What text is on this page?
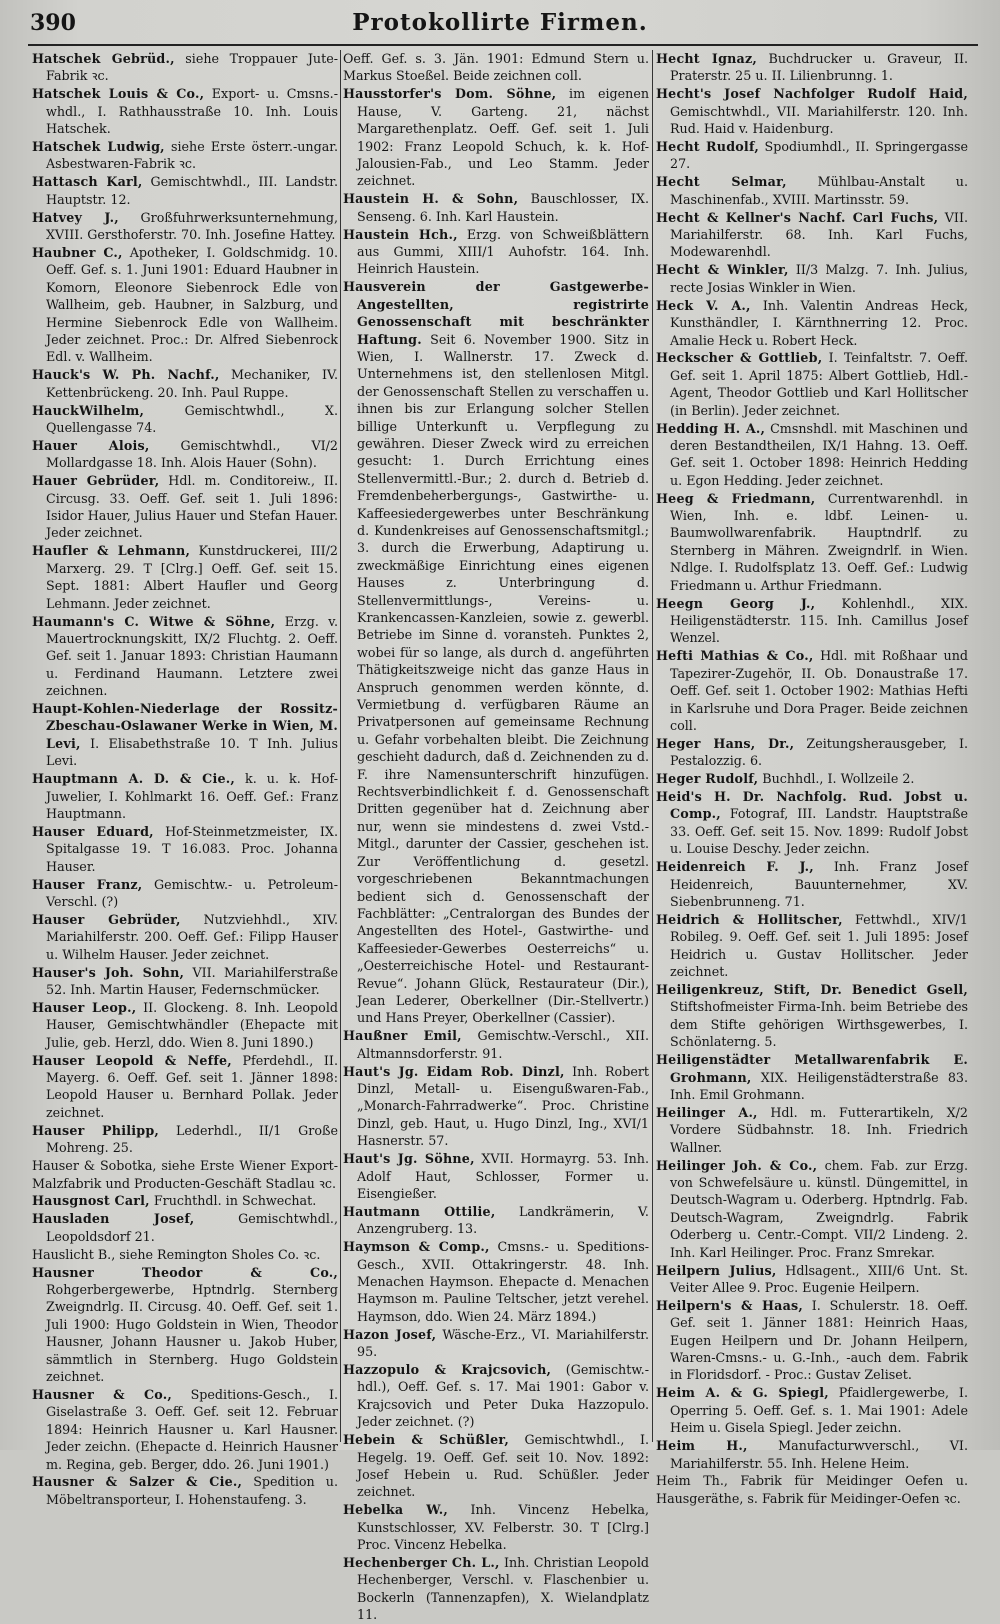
390	Protokollirte Firmen.
Hatschek Gebrüd., siehe Troppauer Jute-Fabrik ꝛc.
Hatschek Louis & Co., Export- u. Cmsns.-whdl., I. Rathhausstraße 10. Inh. Louis Hatschek.
Hatschek Ludwig, siehe Erste österr.-ungar. Asbestwaren-Fabrik ꝛc.
Hattasch Karl, Gemischtwhdl., III. Landstr. Hauptstr. 12.
Hatvey J., Großfuhrwerksunternehmung, XVIII. Gersthoferstr. 70. Inh. Josefine Hattey.
Haubner C., Apotheker, I. Goldschmidg. 10. Oeff. Gef. s. 1. Juni 1901: Eduard Haubner in Komorn, Eleonore Siebenrock Edle von Wallheim, geb. Haubner, in Salzburg, und Hermine Siebenrock Edle von Wallheim. Jeder zeichnet. Proc.: Dr. Alfred Siebenrock Edl. v. Wallheim.
Hauck's W. Ph. Nachf., Mechaniker, IV. Kettenbrückeng. 20. Inh. Paul Ruppe.
HauckWilhelm,	Gemischtwhdl., X. Quellengasse 74.
Hauer Alois, Gemischtwhdl., VI/2 Mollardgasse 18. Inh. Alois Hauer (Sohn).
Hauer Gebrüder, Hdl. m. Conditoreiw., II. Circusg. 33. Oeff. Gef. seit 1. Juli 1896: Isidor Hauer, Julius Hauer und Stefan Hauer. Jeder zeichnet.
Haufler & Lehmann, Kunstdruckerei, III/2 Marxerg. 29. T [Clrg.] Oeff. Gef. seit 15. Sept. 1881: Albert Haufler und Georg Lehmann. Jeder zeichnet.
Haumann's C. Witwe & Söhne, Erzg. v. Mauertrocknungskitt, IX/2 Fluchtg. 2. Oeff. Gef. seit 1. Januar 1893: Christian Haumann u. Ferdinand Haumann. Letztere zwei zeichnen.
Haupt-Kohlen-Niederlage der Rossitz-Zbeschau-Oslawaner Werke in Wien, M. Levi, I. Elisabethstraße 10. T Inh. Julius Levi.
Hauptmann A. D. & Cie., k. u. k. Hof-Juwelier, I. Kohlmarkt 16. Oeff. Gef.: Franz Hauptmann.
Hauser Eduard, Hof-Steinmetzmeister, IX. Spitalgasse 19. T 16.083. Proc. Johanna Hauser.
Hauser Franz, Gemischtw.- u. Petroleum-Verschl. (?)
Hauser Gebrüder, Nutzviehhdl., XIV. Mariahilferstr. 200. Oeff. Gef.: Filipp Hauser u. Wilhelm Hauser. Jeder zeichnet.
Hauser's Joh. Sohn, VII. Mariahilferstraße 52. Inh. Martin Hauser, Federnschmücker.
Hauser Leop., II. Glockeng. 8. Inh. Leopold Hauser, Gemischtwhändler (Ehepacte mit Julie, geb. Herzl, ddo. Wien 8. Juni 1890.)
Hauser Leopold & Neffe, Pferdehdl., II. Mayerg. 6. Oeff. Gef. seit 1. Jänner 1898: Leopold Hauser u. Bernhard Pollak. Jeder zeichnet.
Hauser Philipp, Lederhdl., II/1 Große Mohreng. 25.
Hauser & Sobotka, siehe Erste Wiener Export-Malzfabrik und Producten-Geschäft Stadlau ꝛc.
Hausgnost Carl, Fruchthdl. in Schwechat.
Hausladen Josef,	Gemischtwhdl., Leopoldsdorf 21.
Hauslicht B., siehe Remington Sholes Co. ꝛc.
Hausner Theodor & Co., Rohgerbergewerbe, Hptndrlg. Sternberg Zweigndrlg. II. Circusg. 40. Oeff. Gef. seit 1. Juli 1900: Hugo Goldstein in Wien, Theodor Hausner, Johann Hausner u. Jakob Huber, sämmtlich in Sternberg. Hugo Goldstein zeichnet.
Hausner & Co., Speditions-Gesch., I. Giselastraße 3. Oeff. Gef. seit 12. Februar 1894: Heinrich Hausner u. Karl Hausner. Jeder zeichn. (Ehepacte d. Heinrich Hausner m. Regina, geb. Berger, ddo. 26. Juni 1901.)
Hausner & Salzer & Cie., Spedition u. Möbeltransporteur, I. Hohenstaufeng. 3.
Oeff. Gef. s. 3. Jän. 1901: Edmund Stern u. Markus Stoeßel. Beide zeichnen coll.
Hausstorfer's Dom. Söhne, im eigenen Hause, V. Garteng. 21, nächst Margarethenplatz. Oeff. Gef. seit 1. Juli 1902: Franz Leopold Schuch, k. k. Hof-Jalousien-Fab., und Leo Stamm. Jeder zeichnet.
Haustein H. & Sohn, Bauschlosser, IX. Senseng. 6. Inh. Karl Haustein.
Haustein Hch., Erzg. von Schweißblättern aus Gummi, XIII/1 Auhofstr. 164. Inh. Heinrich Haustein.
Hausverein der Gastgewerbe-Angestellten, registrirte Genossenschaft mit beschränkter Haftung. Seit 6. November 1900. Sitz in Wien, I. Wallnerstr. 17. Zweck d. Unternehmens ist, den stellenlosen Mitgl. der Genossenschaft Stellen zu verschaffen u. ihnen bis zur Erlangung solcher Stellen billige Unterkunft u. Verpflegung zu gewähren. Dieser Zweck wird zu erreichen gesucht: 1. Durch Errichtung eines Stellenvermittl.-Bur.; 2. durch d. Betrieb d. Fremdenbeherbergungs-, Gastwirthe- u. Kaffeesiedergewerbes unter Beschränkung d. Kundenkreises auf Genossenschaftsmitgl.; 3. durch die Erwerbung, Adaptirung u. zweckmäßige Einrichtung eines eigenen Hauses z. Unterbringung d. Stellenvermittlungs-, Vereins- u. Krankencassen-Kanzleien, sowie z. gewerbl. Betriebe im Sinne d. voransteh. Punktes 2, wobei für so lange, als durch d. angeführten Thätigkeitszweige nicht das ganze Haus in Anspruch genommen werden könnte, d. Vermietbung d. verfügbaren Räume an Privatpersonen auf gemeinsame Rechnung u. Gefahr vorbehalten bleibt. Die Zeichnung geschieht dadurch, daß d. Zeichnenden zu d. F. ihre Namensunterschrift hinzufügen. Rechtsverbindlichkeit f. d. Genossenschaft Dritten gegenüber hat d. Zeichnung aber nur, wenn sie mindestens d. zwei Vstd.-Mitgl., darunter der Cassier, geschehen ist. Zur Veröffentlichung d. gesetzl. vorgeschriebenen Bekanntmachungen bedient sich d. Genossenschaft der Fachblätter: „Centralorgan des Bundes der Angestellten des Hotel-, Gastwirthe- und Kaffeesieder-Gewerbes Oesterreichs“ u. „Oesterreichische Hotel- und Restaurant-Revue“. Johann Glück, Restaurateur (Dir.), Jean Lederer, Oberkellner (Dir.-Stellvertr.) und Hans Preyer, Oberkellner (Cassier).
Haußner Emil, Gemischtw.-Verschl., XII. Altmannsdorferstr. 91.
Haut's Jg. Eidam Rob. Dinzl, Inh. Robert Dinzl, Metall- u. Eisengußwaren-Fab., „Monarch-Fahrradwerke“. Proc. Christine Dinzl, geb. Haut, u. Hugo Dinzl, Ing., XVI/1 Hasnerstr. 57.
Haut's Jg. Söhne, XVII. Hormayrg. 53. Inh. Adolf Haut, Schlosser, Former u. Eisengießer.
Hautmann Ottilie, Landkrämerin, V. Anzengruberg. 13.
Haymson & Comp., Cmsns.- u. Speditions-Gesch., XVII. Ottakringerstr. 48. Inh. Menachen Haymson. Ehepacte d. Menachen Haymson m. Pauline Teltscher, jetzt verehel. Haymson, ddo. Wien 24. März 1894.)
Hazon Josef, Wäsche-Erz., VI. Mariahilferstr. 95.
Hazzopulo & Krajcsovich, (Gemischtw.-hdl.), Oeff. Gef. s. 17. Mai 1901: Gabor v. Krajcsovich und Peter Duka Hazzopulo. Jeder zeichnet. (?)
Hebein & Schüßler, Gemischtwhdl., I. Hegelg. 19. Oeff. Gef. seit 10. Nov. 1892: Josef Hebein u. Rud. Schüßler. Jeder zeichnet.
Hebelka W., Inh. Vincenz Hebelka, Kunstschlosser, XV. Felberstr. 30. T [Clrg.] Proc. Vincenz Hebelka.
Hechenberger Ch. L., Inh. Christian Leopold Hechenberger, Verschl. v. Flaschenbier u. Bockerln (Tannenzapfen), X. Wielandplatz 11.
Hecht Ignaz, Buchdrucker u. Graveur, II. Praterstr. 25 u. II. Lilienbrunng. 1.
Hecht's Josef Nachfolger Rudolf Haid, Gemischtwhdl., VII. Mariahilferstr. 120. Inh. Rud. Haid v. Haidenburg.
Hecht Rudolf, Spodiumhdl., II. Springergasse 27.
Hecht Selmar, Mühlbau-Anstalt u. Maschinenfab., XVIII. Martinsstr. 59.
Hecht & Kellner's Nachf. Carl Fuchs, VII. Mariahilferstr. 68. Inh. Karl Fuchs, Modewarenhdl.
Hecht & Winkler, II/3 Malzg. 7. Inh. Julius, recte Josias Winkler in Wien.
Heck V. A., Inh. Valentin Andreas Heck, Kunsthändler, I. Kärnthnerring 12. Proc. Amalie Heck u. Robert Heck.
Heckscher & Gottlieb, I. Teinfaltstr. 7. Oeff. Gef. seit 1. April 1875: Albert Gottlieb, Hdl.-Agent, Theodor Gottlieb und Karl Hollitscher (in Berlin). Jeder zeichnet.
Hedding H. A., Cmsnshdl. mit Maschinen und deren Bestandtheilen, IX/1 Hahng. 13. Oeff. Gef. seit 1. October 1898: Heinrich Hedding u. Egon Hedding. Jeder zeichnet.
Heeg & Friedmann, Currentwarenhdl. in Wien, Inh. e. ldbf. Leinen- u. Baumwollwarenfabrik. Hauptndrlf. zu Sternberg in Mähren. Zweigndrlf. in Wien. Ndlge. I. Rudolfsplatz 13. Oeff. Gef.: Ludwig Friedmann u. Arthur Friedmann.
Heegn Georg J., Kohlenhdl., XIX. Heiligenstädterstr. 115. Inh. Camillus Josef Wenzel.
Hefti Mathias & Co., Hdl. mit Roßhaar und Tapezirer-Zugehör, II. Ob. Donaustraße 17. Oeff. Gef. seit 1. October 1902: Mathias Hefti in Karlsruhe und Dora Prager. Beide zeichnen coll.
Heger Hans, Dr., Zeitungsherausgeber, I. Pestalozzig. 6.
Heger Rudolf, Buchhdl., I. Wollzeile 2.
Heid's H. Dr. Nachfolg. Rud. Jobst u. Comp., Fotograf, III. Landstr. Hauptstraße 33. Oeff. Gef. seit 15. Nov. 1899: Rudolf Jobst u. Louise Deschy. Jeder zeichn.
Heidenreich F. J., Inh. Franz Josef Heidenreich, Bauunternehmer, XV. Siebenbrunneng. 71.
Heidrich & Hollitscher, Fettwhdl., XIV/1 Robileg. 9. Oeff. Gef. seit 1. Juli 1895: Josef Heidrich u. Gustav Hollitscher. Jeder zeichnet.
Heiligenkreuz, Stift, Dr. Benedict Gsell, Stiftshofmeister Firma-Inh. beim Betriebe des dem Stifte gehörigen Wirthsgewerbes, I. Schönlaterng. 5.
Heiligenstädter Metallwarenfabrik E. Grohmann, XIX. Heiligenstädterstraße 83. Inh. Emil Grohmann.
Heilinger A., Hdl. m. Futterartikeln, X/2 Vordere Südbahnstr. 18. Inh. Friedrich Wallner.
Heilinger Joh. & Co., chem. Fab. zur Erzg. von Schwefelsäure u. künstl. Düngemittel, in Deutsch-Wagram u. Oderberg. Hptndrlg. Fab. Deutsch-Wagram, Zweigndrlg. Fabrik Oderberg u. Centr.-Compt. VII/2 Lindeng. 2. Inh. Karl Heilinger. Proc. Franz Smrekar.
Heilpern Julius, Hdlsagent., XIII/6 Unt. St. Veiter Allee 9. Proc. Eugenie Heilpern.
Heilpern's & Haas, I. Schulerstr. 18. Oeff. Gef. seit 1. Jänner 1881: Heinrich Haas, Eugen Heilpern und Dr. Johann Heilpern, Waren-Cmsns.- u. G.-Inh., -auch dem. Fabrik in Floridsdorf. - Proc.: Gustav Zeliset.
Heim A. & G. Spiegl, Pfaidlergewerbe, I. Operring 5. Oeff. Gef. s. 1. Mai 1901: Adele Heim u. Gisela Spiegl. Jeder zeichn.
Heim H., Manufacturwverschl., VI. Mariahilferstr. 55. Inh. Helene Heim.
Heim Th., Fabrik für Meidinger Oefen u. Hausgeräthe, s. Fabrik für Meidinger-Oefen ꝛc.
